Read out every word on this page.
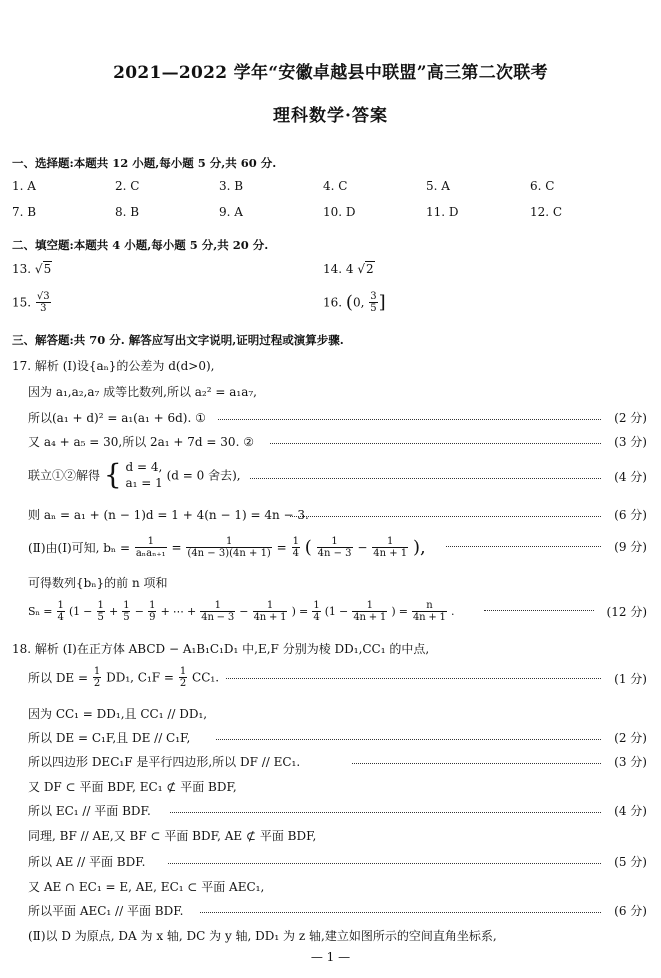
2021—2022 学年“安徽卓越县中联盟”高三第二次联考
理科数学·答案
一、选择题:本题共 12 小题,每小题 5 分,共 60 分.
1. A	2. C	3. B	4. C	5. A	6. C
7. B	8. B	9. A	10. D	11. D	12. C
二、填空题:本题共 4 小题,每小题 5 分,共 20 分.
13. √5	14. 4 √2
15. $\frac{√3}{3}$	16. (0, $\frac{3}{5}$ ]
三、解答题:共 70 分. 解答应写出文字说明,证明过程或演算步骤.
17. 解析 (Ⅰ)设{aₙ}的公差为 d(d>0),
因为 a₁,a₂,a₇ 成等比数列,所以 a₂² = a₁a₇,
所以(a₁ + d)² = a₁(a₁ + 6d). ①	(2 分)
又 a₄ + a₅ = 30,所以 2a₁ + 7d = 30. ②	(3 分)
联立①②解得 { d = 4,
a₁ = 1
(d = 0 舍去),	(4 分)
则 aₙ = a₁ + (n − 1)d = 1 + 4(n − 1) = 4n − 3.	(6 分)
(Ⅱ)由(Ⅰ)可知, $b_n = \frac{1}{\text{aₙaₙ₊₁}} = \frac{1}{(4n - 3)(4n + 1)} = \frac{1}{4}$ ( $\frac{1}{4n - 3} - \frac{1}{4n + 1}$ ),	(9 分)
可得数列{bₙ}的前 n 项和
$S_n = \frac{1}{4} (1 - \frac{1}{5} + \frac{1}{5} - \frac{1}{9}$ + ⋯ + $\frac{1}{4n - 3} - \frac{1}{4n + 1}$ ) = $\frac{1}{4} (1 - \frac{1}{4n + 1}$ ) = $\frac{n}{4n + 1}$ .	(12 分)
18. 解析 (Ⅰ)在正方体 ABCD − A₁B₁C₁D₁ 中,E,F 分别为棱 DD₁,CC₁ 的中点,
所以 DE = $\frac{1}{2} DD_1$, $C_1F = \frac{1}{2} CC_1$.	(1 分)
因为 CC₁ = DD₁,且 CC₁ // DD₁,
所以 DE = C₁F,且 DE // C₁F,	(2 分)
所以四边形 DEC₁F 是平行四边形,所以 DF // EC₁.	(3 分)
又 DF ⊂ 平面 BDF, EC₁ ⊄ 平面 BDF,
所以 EC₁ // 平面 BDF.	(4 分)
同理, BF // AE,又 BF ⊂ 平面 BDF, AE ⊄ 平面 BDF,
所以 AE // 平面 BDF.	(5 分)
又 AE ∩ EC₁ = E, AE, EC₁ ⊂ 平面 AEC₁,
所以平面 AEC₁ // 平面 BDF.	(6 分)
(Ⅱ)以 D 为原点, DA 为 x 轴, DC 为 y 轴, DD₁ 为 z 轴,建立如图所示的空间直角坐标系,
— 1 —
